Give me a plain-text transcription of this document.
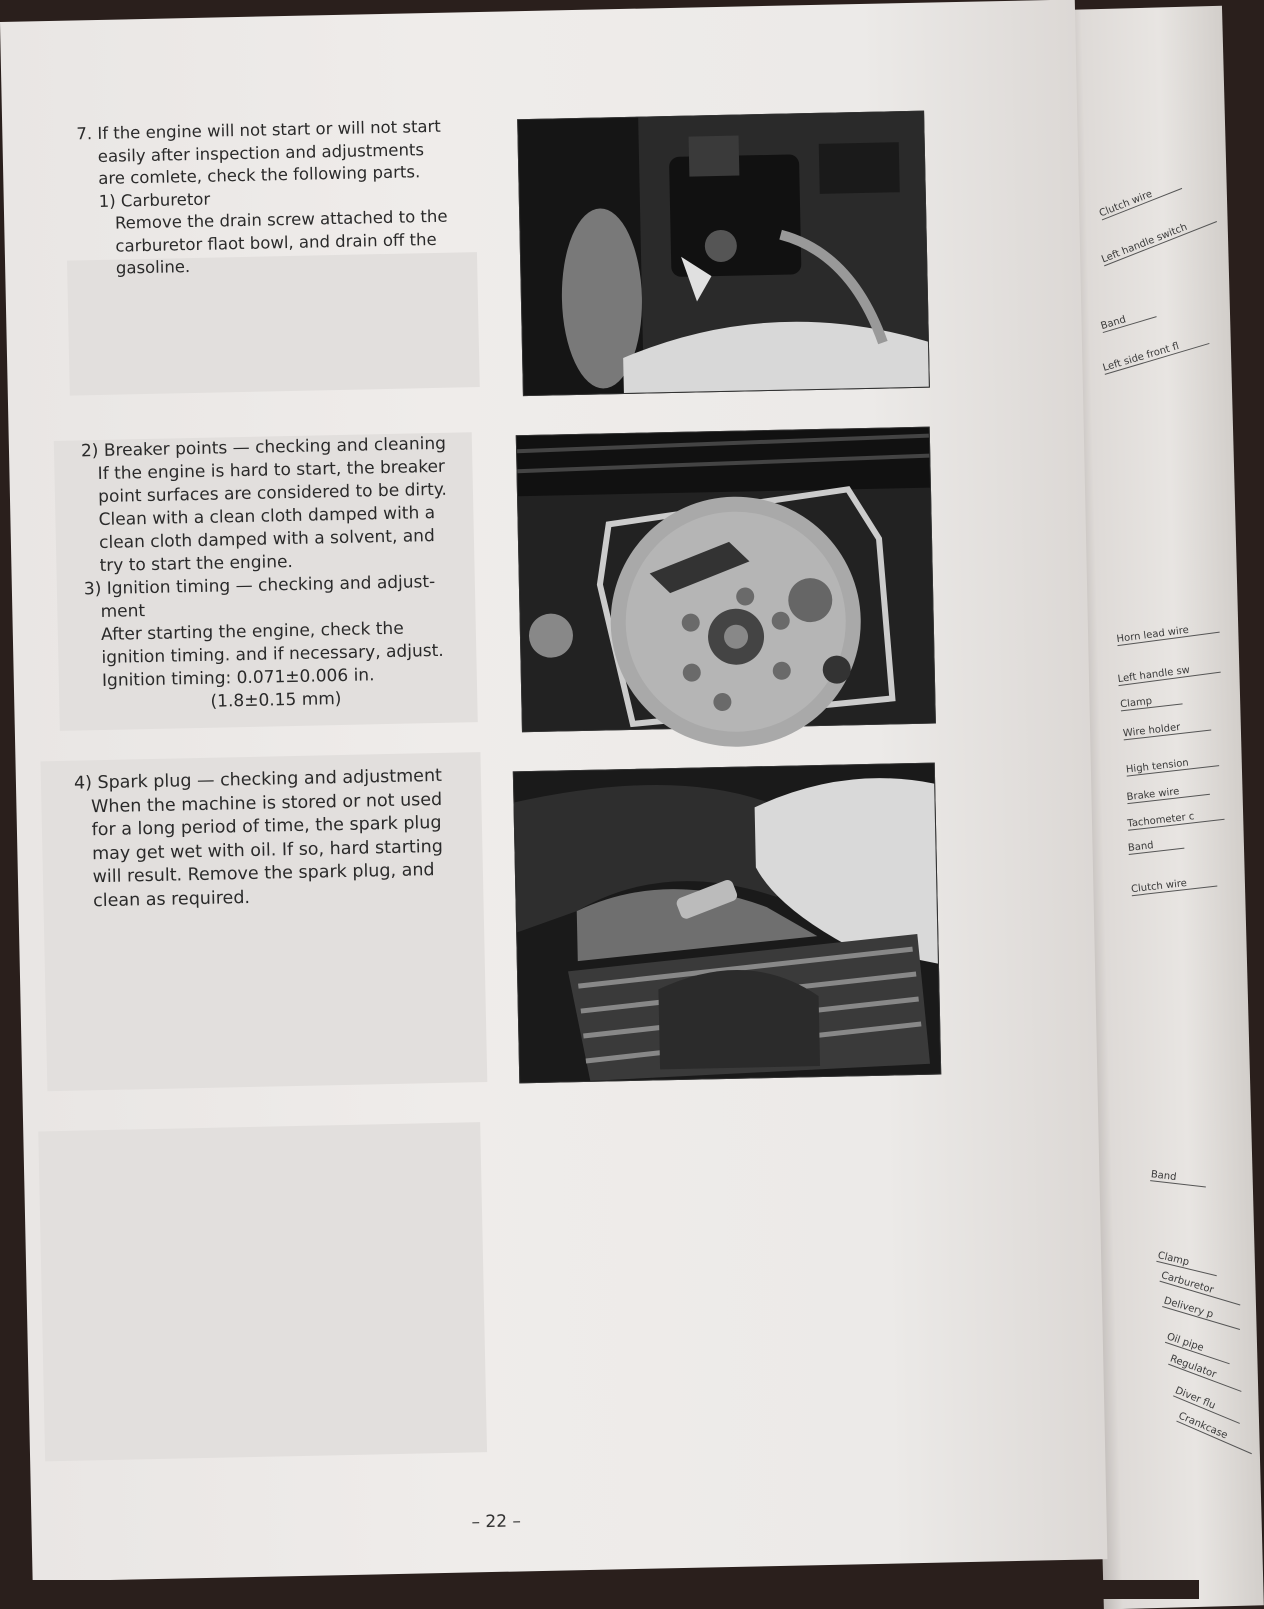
Clutch wire
Left handle switch
Band
Left side front fl
Horn lead wire
Left handle sw
Clamp
Wire holder
High tension
Brake wire
Tachometer c
Band
Clutch wire
Band
Clamp
Carburetor
Delivery p
Oil pipe
Regulator
Diver flu
Crankcase

7. If the engine will not start or will not start

easily after inspection and adjustments

are comlete, check the following parts.

1) Carburetor

Remove the drain screw attached to the

carburetor flaot bowl, and drain off the

gasoline.

2) Breaker points — checking and cleaning

If the engine is hard to start, the breaker

point surfaces are considered to be dirty.

Clean with a clean cloth damped with a

clean cloth damped with a solvent, and

try to start the engine.

3) Ignition timing — checking and adjust-

ment

After starting the engine, check the

ignition timing. and if necessary, adjust.

Ignition timing: 0.071±0.006 in.

(1.8±0.15 mm)

4) Spark plug — checking and adjustment

When the machine is stored or not used

for a long period of time, the spark plug

may get wet with oil. If so, hard starting

will result. Remove the spark plug, and

clean as required.

– 22 –
